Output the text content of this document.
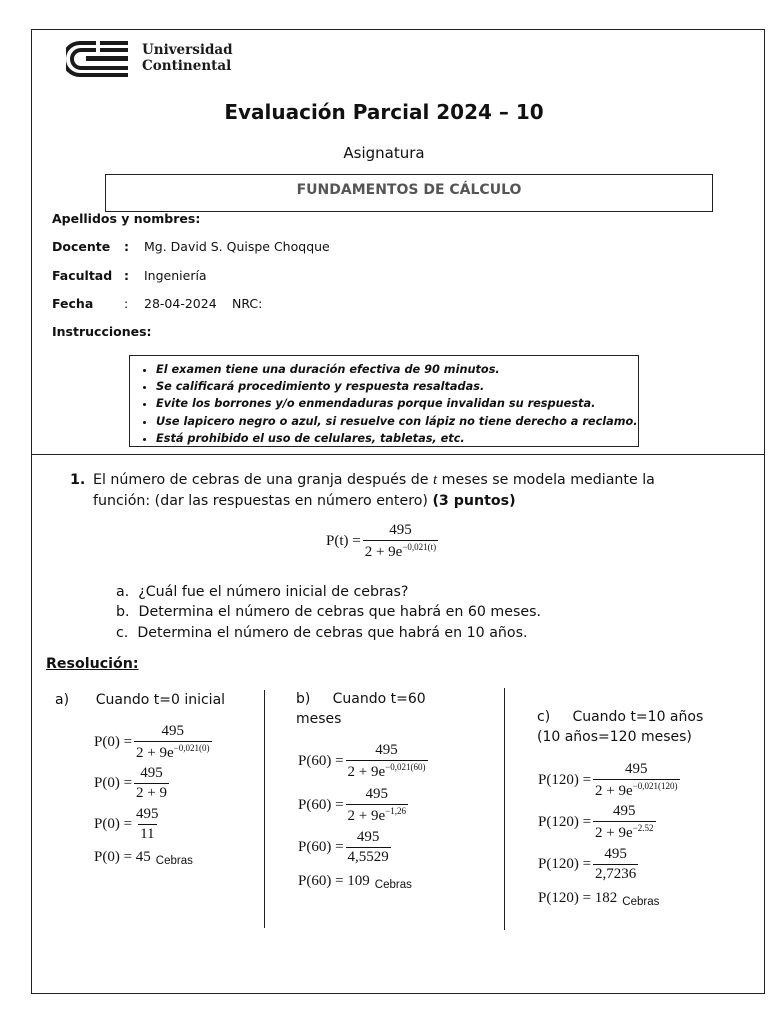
Universidad
Continental
Evaluación Parcial 2024 – 10
Asignatura
FUNDAMENTOS DE CÁLCULO
Apellidos y nombres:
Docente : Mg. David S. Quispe Choqque
Facultad : Ingeniería
Fecha : 28-04-2024 NRC:
Instrucciones:
• El examen tiene una duración efectiva de 90 minutos.
• Se calificará procedimiento y respuesta resaltadas.
• Evite los borrones y/o enmendaduras porque invalidan su respuesta.
• Use lapicero negro o azul, si resuelve con lápiz no tiene derecho a reclamo.
• Está prohibido el uso de celulares, tabletas, etc.
1. El número de cebras de una granja después de t meses se modela mediante la
función: (dar las respuestas en número entero) (3 puntos)
$P(t) = \frac{495}{2 + 9e^{-0,021(t)}}$
a. ¿Cuál fue el número inicial de cebras?
b. Determina el número de cebras que habrá en 60 meses.
c. Determina el número de cebras que habrá en 10 años.
Resolución:
a) Cuando t=0 inicial
$P(0) = \frac{495}{2 + 9e^{-0,021(0)}}$
$P(0) = \frac{495}{2 + 9}$
$P(0) = \frac{495}{11}$
P(0) = 45 Cebras
b) Cuando t=60
meses
$P(60) = \frac{495}{2 + 9e^{-0,021(60)}}$
$P(60) = \frac{495}{2 + 9e^{-1,26}}$
$P(60) = \frac{495}{4,5529}$
P(60) = 109 Cebras
c) Cuando t=10 años
(10 años=120 meses)
$P(120) = \frac{495}{2 + 9e^{-0,021(120)}}$
$P(120) = \frac{495}{2 + 9e^{-2.52}}$
$P(120) = \frac{495}{2,7236}$
P(120) = 182 Cebras
